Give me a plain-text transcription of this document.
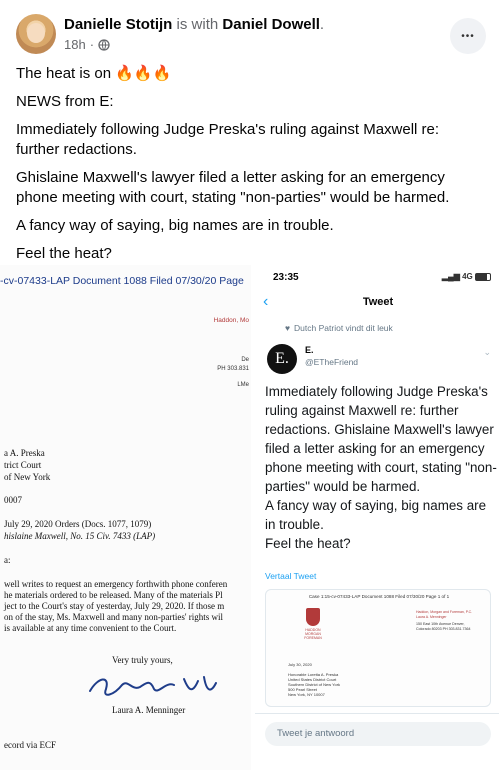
Danielle Stotijn is with Daniel Dowell.
18h ·
•••

The heat is on 🔥🔥🔥

NEWS from E:

Immediately following Judge Preska's ruling against Maxwell re: further redactions.

Ghislaine Maxwell's lawyer filed a letter asking for an emergency phone meeting with court, stating "non-parties" would be harmed.

A fancy way of saying, big names are in trouble.

Feel the heat?

-cv-07433-LAP Document 1088 Filed 07/30/20 Page
Haddon, Mo
De
PH 303.831
LMe
a A. Preska
trict Court
of New York
0007
July 29, 2020 Orders (Docs. 1077, 1079)
hislaine Maxwell, No. 15 Civ. 7433 (LAP)
a:
well writes to request an emergency forthwith phone conferen
he materials ordered to be released. Many of the materials Pl
ject to the Court's stay of yesterday, July 29, 2020. If those m
on of the stay, Ms. Maxwell and many non-parties' rights wil
is available at any time convenient to the Court.
Very truly yours,
Laura A. Menninger
ecord via ECF
23:35	▂▄▆ 4G
‹	Tweet
♥ Dutch Patriot vindt dit leuk
E.	E.
@ETheFriend
⌄
Immediately following Judge Preska's ruling against Maxwell re: further redactions. Ghislaine Maxwell's lawyer filed a letter asking for an emergency phone meeting with court, stating "non-parties" would be harmed.
A fancy way of saying, big names are in trouble.
Feel the heat?
Vertaal Tweet
Case 1:15-cv-07433-LAP Document 1088 Filed 07/30/20 Page 1 of 1
HADDON MORGAN FOREMAN
Haddon, Morgan and Foreman, P.C. Laura A. Menninger
150 East 10th Avenue Denver, Colorado 80203 PH 303.831.7364
July 30, 2020
Honorable Loretta A. Preska
United States District Court
Southern District of New York
500 Pearl Street
New York, NY 10007
Tweet je antwoord
